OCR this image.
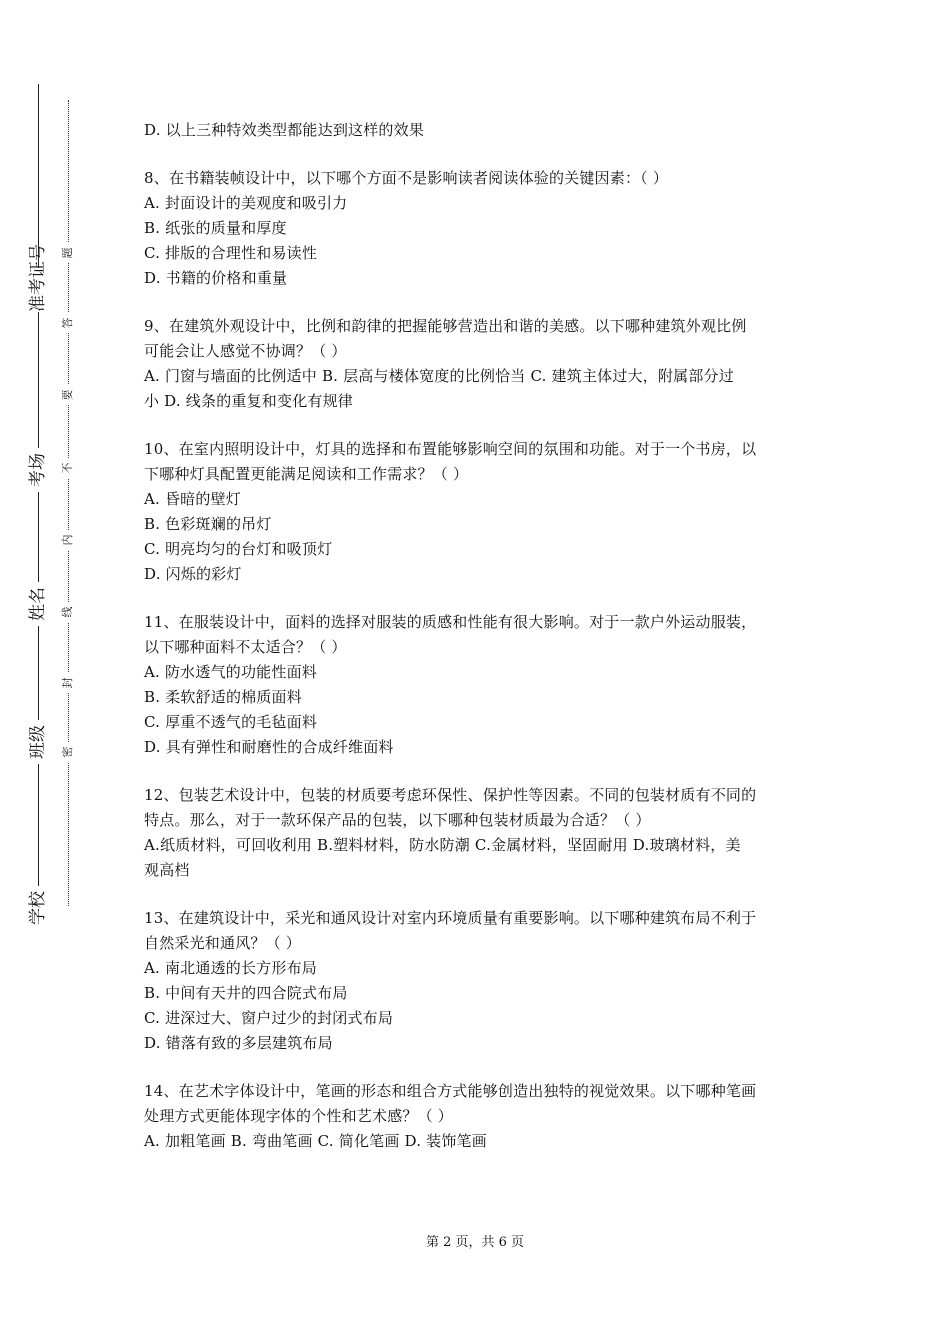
准考证号
考场
姓名
班级
学校
题
答
要
不
内
线
封
密
D. 以上三种特效类型都能达到这样的效果
8、在书籍装帧设计中，以下哪个方面不是影响读者阅读体验的关键因素：（ ）
A. 封面设计的美观度和吸引力
B. 纸张的质量和厚度
C. 排版的合理性和易读性
D. 书籍的价格和重量
9、在建筑外观设计中，比例和韵律的把握能够营造出和谐的美感。以下哪种建筑外观比例
可能会让人感觉不协调？（ ）
A. 门窗与墙面的比例适中 B. 层高与楼体宽度的比例恰当 C. 建筑主体过大，附属部分过
小 D. 线条的重复和变化有规律
10、在室内照明设计中，灯具的选择和布置能够影响空间的氛围和功能。对于一个书房，以
下哪种灯具配置更能满足阅读和工作需求？（ ）
A. 昏暗的壁灯
B. 色彩斑斓的吊灯
C. 明亮均匀的台灯和吸顶灯
D. 闪烁的彩灯
11、在服装设计中，面料的选择对服装的质感和性能有很大影响。对于一款户外运动服装，
以下哪种面料不太适合？（ ）
A. 防水透气的功能性面料
B. 柔软舒适的棉质面料
C. 厚重不透气的毛毡面料
D. 具有弹性和耐磨性的合成纤维面料
12、包装艺术设计中，包装的材质要考虑环保性、保护性等因素。不同的包装材质有不同的
特点。那么，对于一款环保产品的包装，以下哪种包装材质最为合适？（ ）
A.纸质材料，可回收利用 B.塑料材料，防水防潮 C.金属材料，坚固耐用 D.玻璃材料，美
观高档
13、在建筑设计中，采光和通风设计对室内环境质量有重要影响。以下哪种建筑布局不利于
自然采光和通风？（ ）
A. 南北通透的长方形布局
B. 中间有天井的四合院式布局
C. 进深过大、窗户过少的封闭式布局
D. 错落有致的多层建筑布局
14、在艺术字体设计中，笔画的形态和组合方式能够创造出独特的视觉效果。以下哪种笔画
处理方式更能体现字体的个性和艺术感？（ ）
A. 加粗笔画 B. 弯曲笔画 C. 简化笔画 D. 装饰笔画
第 2 页，共 6 页
